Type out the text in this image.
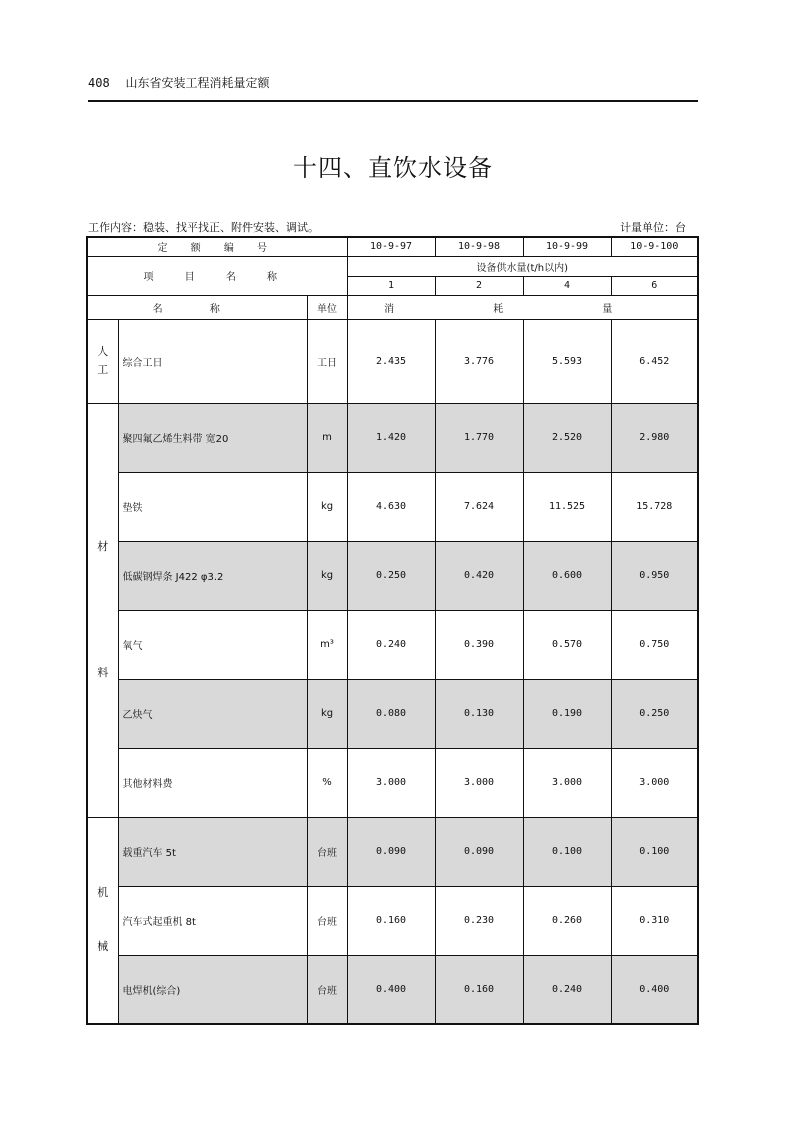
408 山东省安装工程消耗量定额
十四、直饮水设备
工作内容：稳装、找平找正、附件安装、调试。	计量单位：台
定 额 编 号			10-9-97	10-9-98	10-9-99	10-9-100
项 目 名 称			设备供水量(t/h以内)			
			1	2	4	6
名 称		单位	消 耗 量			
人
工	综合工日	工日	2.435	3.776	5.593	6.452
材

料	聚四氟乙烯生料带 宽20	m	1.420	1.770	2.520	2.980
	垫铁	kg	4.630	7.624	11.525	15.728
	低碳钢焊条 J422 φ3.2	kg	0.250	0.420	0.600	0.950
	氧气	m³	0.240	0.390	0.570	0.750
	乙炔气	kg	0.080	0.130	0.190	0.250
	其他材料费	%	3.000	3.000	3.000	3.000
机

械	载重汽车 5t	台班	0.090	0.090	0.100	0.100
	汽车式起重机 8t	台班	0.160	0.230	0.260	0.310
	电焊机(综合)	台班	0.400	0.160	0.240	0.400
